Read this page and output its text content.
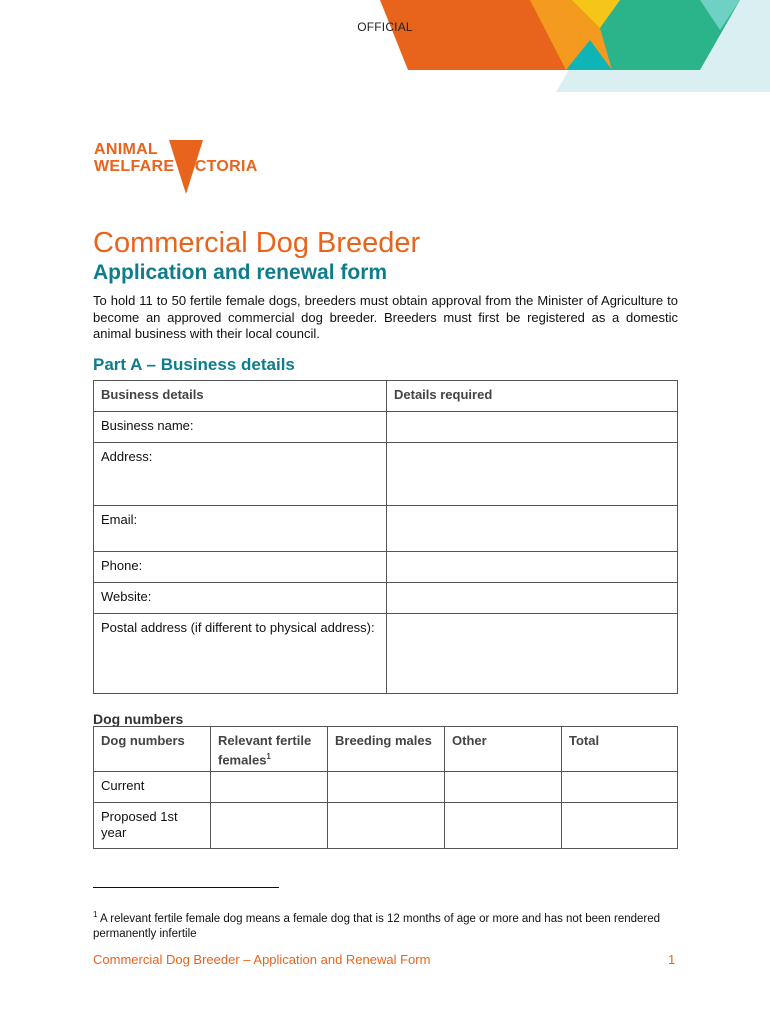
OFFICIAL
ANIMAL
WELFARE VICTORIA
Commercial Dog Breeder
Application and renewal form

To hold 11 to 50 fertile female dogs, breeders must obtain approval from the Minister of Agriculture to become an approved commercial dog breeder. Breeders must first be registered as a domestic animal business with their local council.

Part A – Business details
Business details	Details required

Business name:	

Address:	

Email:	

Phone:	

Website:	

Postal address (if different to physical address):	

Dog numbers
Dog numbers	Relevant fertile females$^1$	Breeding males	Other	Total

Current				

Proposed 1st year				

$^1$ A relevant fertile female dog means a female dog that is 12 months of age or more and has not been rendered permanently infertile

Commercial Dog Breeder – Application and Renewal Form	1
